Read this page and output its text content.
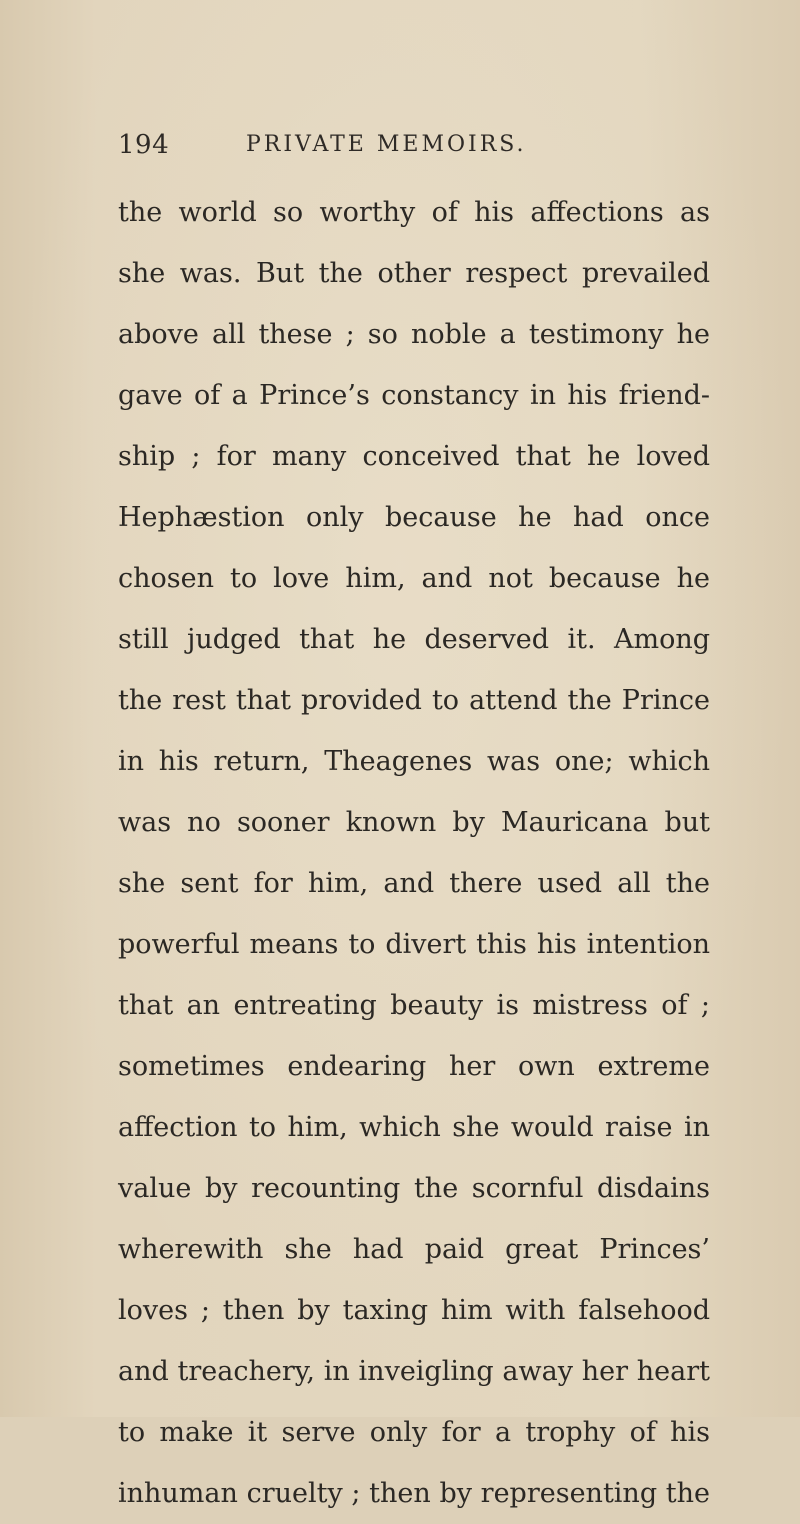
194	PRIVATE MEMOIRS.
the world so worthy of his affections as
she was. But the other respect prevailed
above all these ; so noble a testimony he
gave of a Prince’s constancy in his friend-
ship ; for many conceived that he loved
Hephæstion only because he had once
chosen to love him, and not because he
still judged that he deserved it. Among
the rest that provided to attend the Prince
in his return, Theagenes was one; which
was no sooner known by Mauricana but
she sent for him, and there used all the
powerful means to divert this his intention
that an entreating beauty is mistress of ;
sometimes endearing her own extreme
affection to him, which she would raise in
value by recounting the scornful disdains
wherewith she had paid great Princes’
loves ; then by taxing him with falsehood
and treachery, in inveigling away her heart
to make it serve only for a trophy of his
inhuman cruelty ; then by representing the
